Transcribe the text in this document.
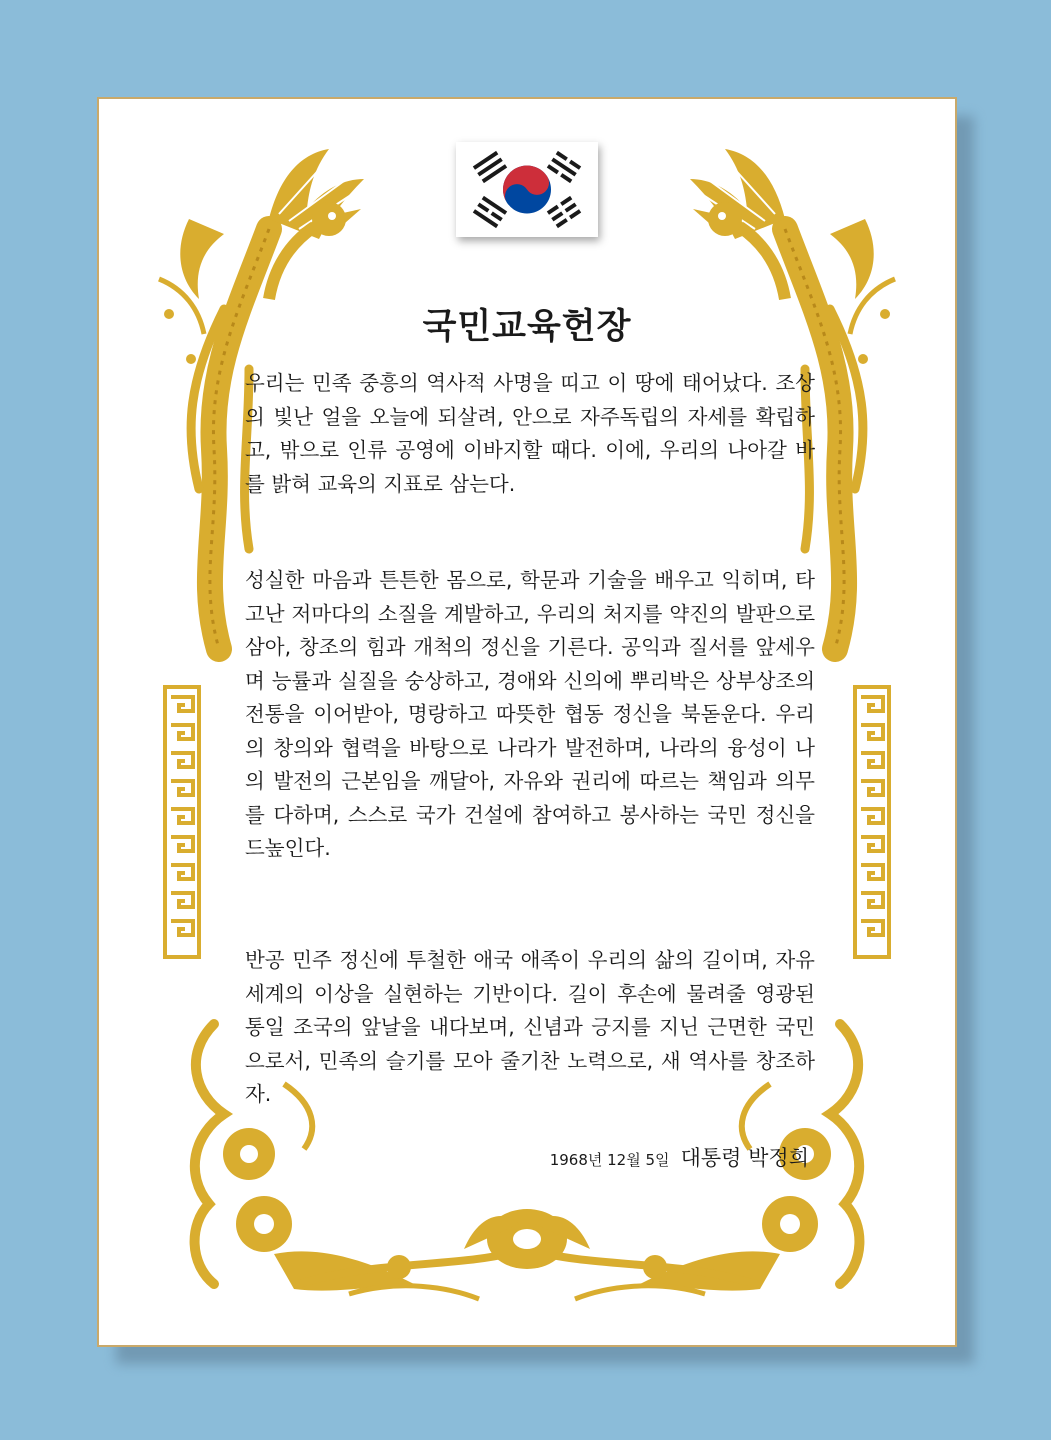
국민교육헌장

우리는 민족 중흥의 역사적 사명을 띠고 이 땅에 태어났다. 조상의 빛난 얼을 오늘에 되살려, 안으로 자주독립의 자세를 확립하고, 밖으로 인류 공영에 이바지할 때다. 이에, 우리의 나아갈 바를 밝혀 교육의 지표로 삼는다.

성실한 마음과 튼튼한 몸으로, 학문과 기술을 배우고 익히며, 타고난 저마다의 소질을 계발하고, 우리의 처지를 약진의 발판으로 삼아, 창조의 힘과 개척의 정신을 기른다. 공익과 질서를 앞세우며 능률과 실질을 숭상하고, 경애와 신의에 뿌리박은 상부상조의 전통을 이어받아, 명랑하고 따뜻한 협동 정신을 북돋운다. 우리의 창의와 협력을 바탕으로 나라가 발전하며, 나라의 융성이 나의 발전의 근본임을 깨달아, 자유와 권리에 따르는 책임과 의무를 다하며, 스스로 국가 건설에 참여하고 봉사하는 국민 정신을 드높인다.

반공 민주 정신에 투철한 애국 애족이 우리의 삶의 길이며, 자유 세계의 이상을 실현하는 기반이다. 길이 후손에 물려줄 영광된 통일 조국의 앞날을 내다보며, 신념과 긍지를 지닌 근면한 국민으로서, 민족의 슬기를 모아 줄기찬 노력으로, 새 역사를 창조하자.

1968년 12월 5일 대통령 박정희
